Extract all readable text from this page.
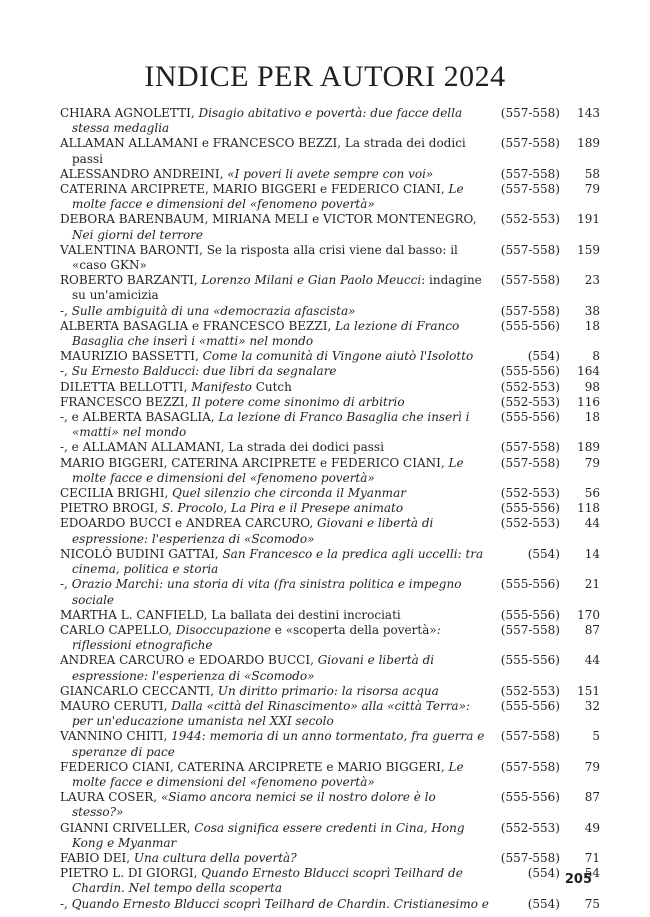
INDICE PER AUTORI 2024
CHIARA AGNOLETTI, Disagio abitativo e povertà: due facce della stessa medaglia
(557-558)	143
ALLAMAN ALLAMANI e FRANCESCO BEZZI, La strada dei dodici passi
(557-558)	189
ALESSANDRO ANDREINI, «I poveri li avete sempre con voi»	(557-558)	58
CATERINA ARCIPRETE, MARIO BIGGERI e FEDERICO CIANI, Le molte facce e dimensioni del «fenomeno povertà»
(557-558)	79
DEBORA BARENBAUM, MIRIANA MELI e VICTOR MONTENEGRO, Nei giorni del terrore
(552-553)	191
VALENTINA BARONTI, Se la risposta alla crisi viene dal basso: il «caso GKN»
(557-558)	159
ROBERTO BARZANTI, Lorenzo Milani e Gian Paolo Meucci: indagine su un'amicizia
(557-558)	23
-, Sulle ambiguità di una «democrazia afascista»	(557-558)	38
ALBERTA BASAGLIA e FRANCESCO BEZZI, La lezione di Franco Basaglia che inserì i «matti» nel mondo
(555-556)	18
MAURIZIO BASSETTI, Come la comunità di Vingone aiutò l'Isolotto	(554)	8
-, Su Ernesto Balducci: due libri da segnalare	(555-556)	164
DILETTA BELLOTTI, Manifesto Cutch	(552-553)	98
FRANCESCO BEZZI, Il potere come sinonimo di arbitrio	(552-553)	116
-, e ALBERTA BASAGLIA, La lezione di Franco Basaglia che inserì i «matti» nel mondo
(555-556)	18
-, e ALLAMAN ALLAMANI, La strada dei dodici passi	(557-558)	189
MARIO BIGGERI, CATERINA ARCIPRETE e FEDERICO CIANI, Le molte facce e dimensioni del «fenomeno povertà»
(557-558)	79
CECILIA BRIGHI, Quel silenzio che circonda il Myanmar	(552-553)	56
PIETRO BROGI, S. Procolo, La Pira e il Presepe animato	(555-556)	118
EDOARDO BUCCI e ANDREA CARCURO, Giovani e libertà di espressione: l'esperienza di «Scomodo»
(552-553)	44
NICOLÒ BUDINI GATTAI, San Francesco e la predica agli uccelli: tra cinema, politica e storia
(554)	14
-, Orazio Marchi: una storia di vita (fra sinistra politica e impegno sociale
(555-556)	21
MARTHA L. CANFIELD, La ballata dei destini incrociati	(555-556)	170
CARLO CAPELLO, Disoccupazione e «scoperta della povertà»: riflessioni etnografiche
(557-558)	87
ANDREA CARCURO e EDOARDO BUCCI, Giovani e libertà di espressione: l'esperienza di «Scomodo»
(555-556)	44
GIANCARLO CECCANTI, Un diritto primario: la risorsa acqua	(552-553)	151
MAURO CERUTI, Dalla «città del Rinascimento» alla «città Terra»: per un'educazione umanista nel XXI secolo
(555-556)	32
VANNINO CHITI, 1944: memoria di un anno tormentato, fra guerra e speranze di pace
(557-558)	5
FEDERICO CIANI, CATERINA ARCIPRETE e MARIO BIGGERI, Le molte facce e dimensioni del «fenomeno povertà»
(557-558)	79
LAURA COSER, «Siamo ancora nemici se il nostro dolore è lo stesso?»
(555-556)	87
GIANNI CRIVELLER, Cosa significa essere credenti in Cina, Hong Kong e Myanmar
(552-553)	49
FABIO DEI, Una cultura della povertà?	(557-558)	71
PIETRO L. DI GIORGI, Quando Ernesto Blducci scoprì Teilhard de Chardin. Nel tempo della scoperta
(554)	54
-, Quando Ernesto Blducci scoprì Teilhard de Chardin. Cristianesimo e	(554)	75
205
